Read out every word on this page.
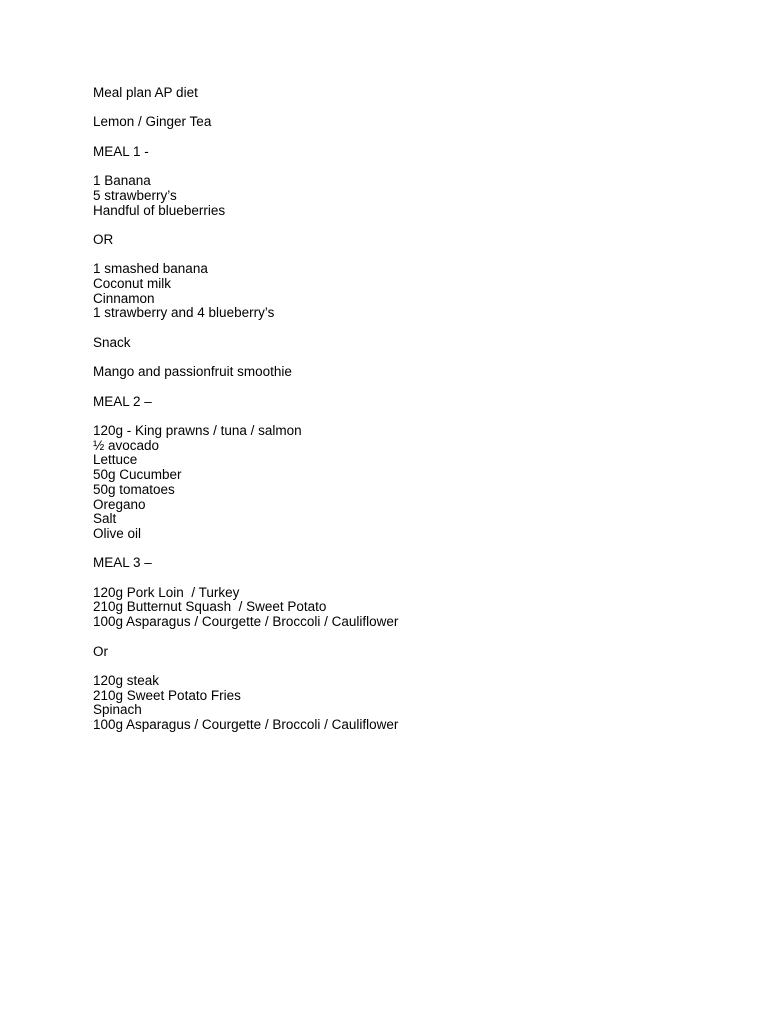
Meal plan AP diet
Lemon / Ginger Tea
MEAL 1 -
1 Banana
5 strawberry’s
Handful of blueberries
OR
1 smashed banana
Coconut milk
Cinnamon
1 strawberry and 4 blueberry’s
Snack
Mango and passionfruit smoothie
MEAL 2 –
120g - King prawns / tuna / salmon
½ avocado
Lettuce
50g Cucumber
50g tomatoes
Oregano
Salt
Olive oil
MEAL 3 –
120g Pork Loin  / Turkey
210g Butternut Squash  / Sweet Potato
100g Asparagus / Courgette / Broccoli / Cauliflower
Or
120g steak
210g Sweet Potato Fries
Spinach
100g Asparagus / Courgette / Broccoli / Cauliflower
